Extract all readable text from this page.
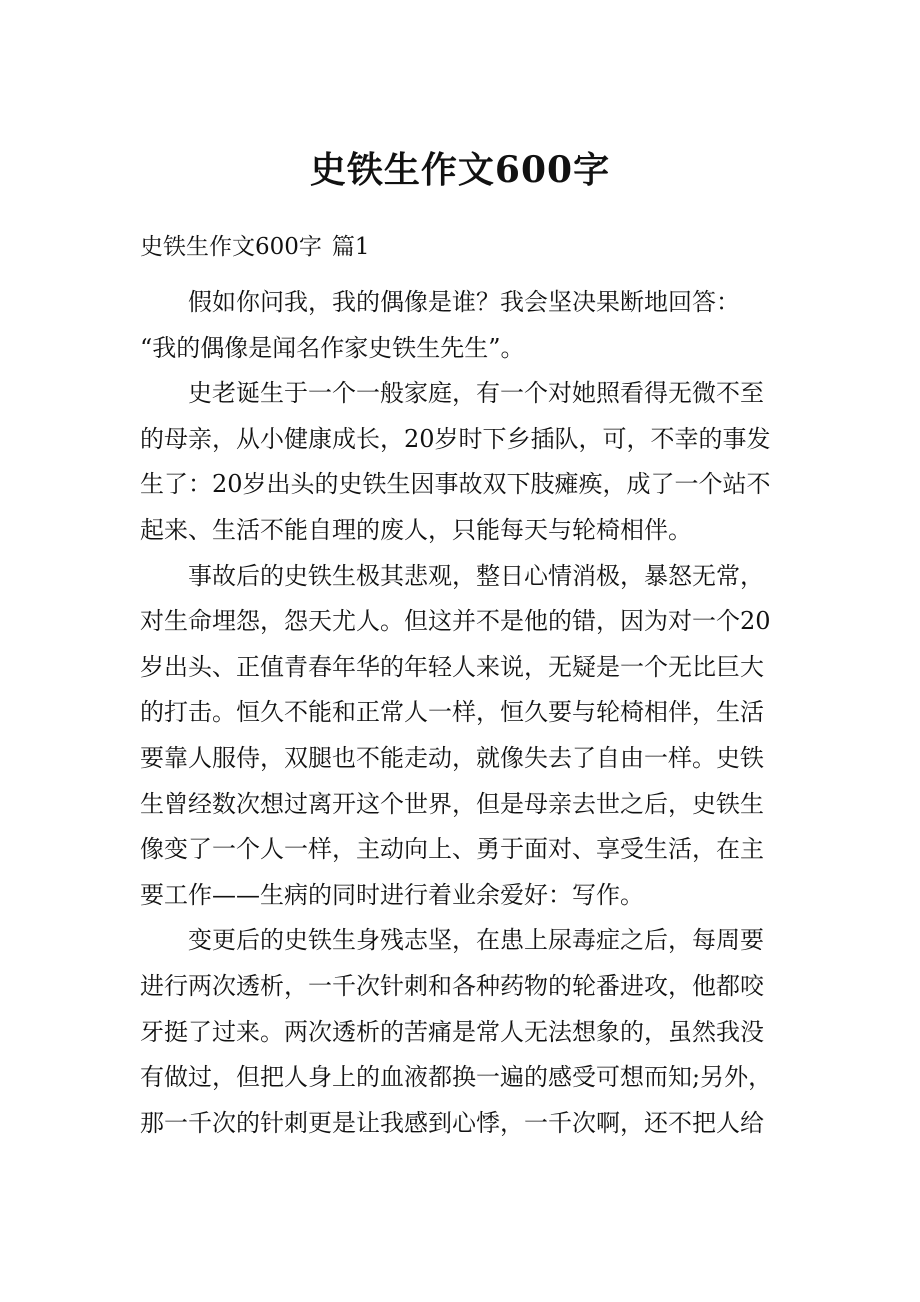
史铁生作文600字
史铁生作文600字 篇1
假如你问我，我的偶像是谁？我会坚决果断地回答：
“我的偶像是闻名作家史铁生先生”。
史老诞生于一个一般家庭，有一个对她照看得无微不至
的母亲，从小健康成长，20岁时下乡插队，可，不幸的事发
生了：20岁出头的史铁生因事故双下肢瘫痪，成了一个站不
起来、生活不能自理的废人，只能每天与轮椅相伴。
事故后的史铁生极其悲观，整日心情消极，暴怒无常，
对生命埋怨，怨天尤人。但这并不是他的错，因为对一个20
岁出头、正值青春年华的年轻人来说，无疑是一个无比巨大
的打击。恒久不能和正常人一样，恒久要与轮椅相伴，生活
要靠人服侍，双腿也不能走动，就像失去了自由一样。史铁
生曾经数次想过离开这个世界，但是母亲去世之后，史铁生
像变了一个人一样，主动向上、勇于面对、享受生活，在主
要工作——生病的同时进行着业余爱好：写作。
变更后的史铁生身残志坚，在患上尿毒症之后，每周要
进行两次透析，一千次针刺和各种药物的轮番进攻，他都咬
牙挺了过来。两次透析的苦痛是常人无法想象的，虽然我没
有做过，但把人身上的血液都换一遍的感受可想而知;另外，
那一千次的针刺更是让我感到心悸，一千次啊，还不把人给
